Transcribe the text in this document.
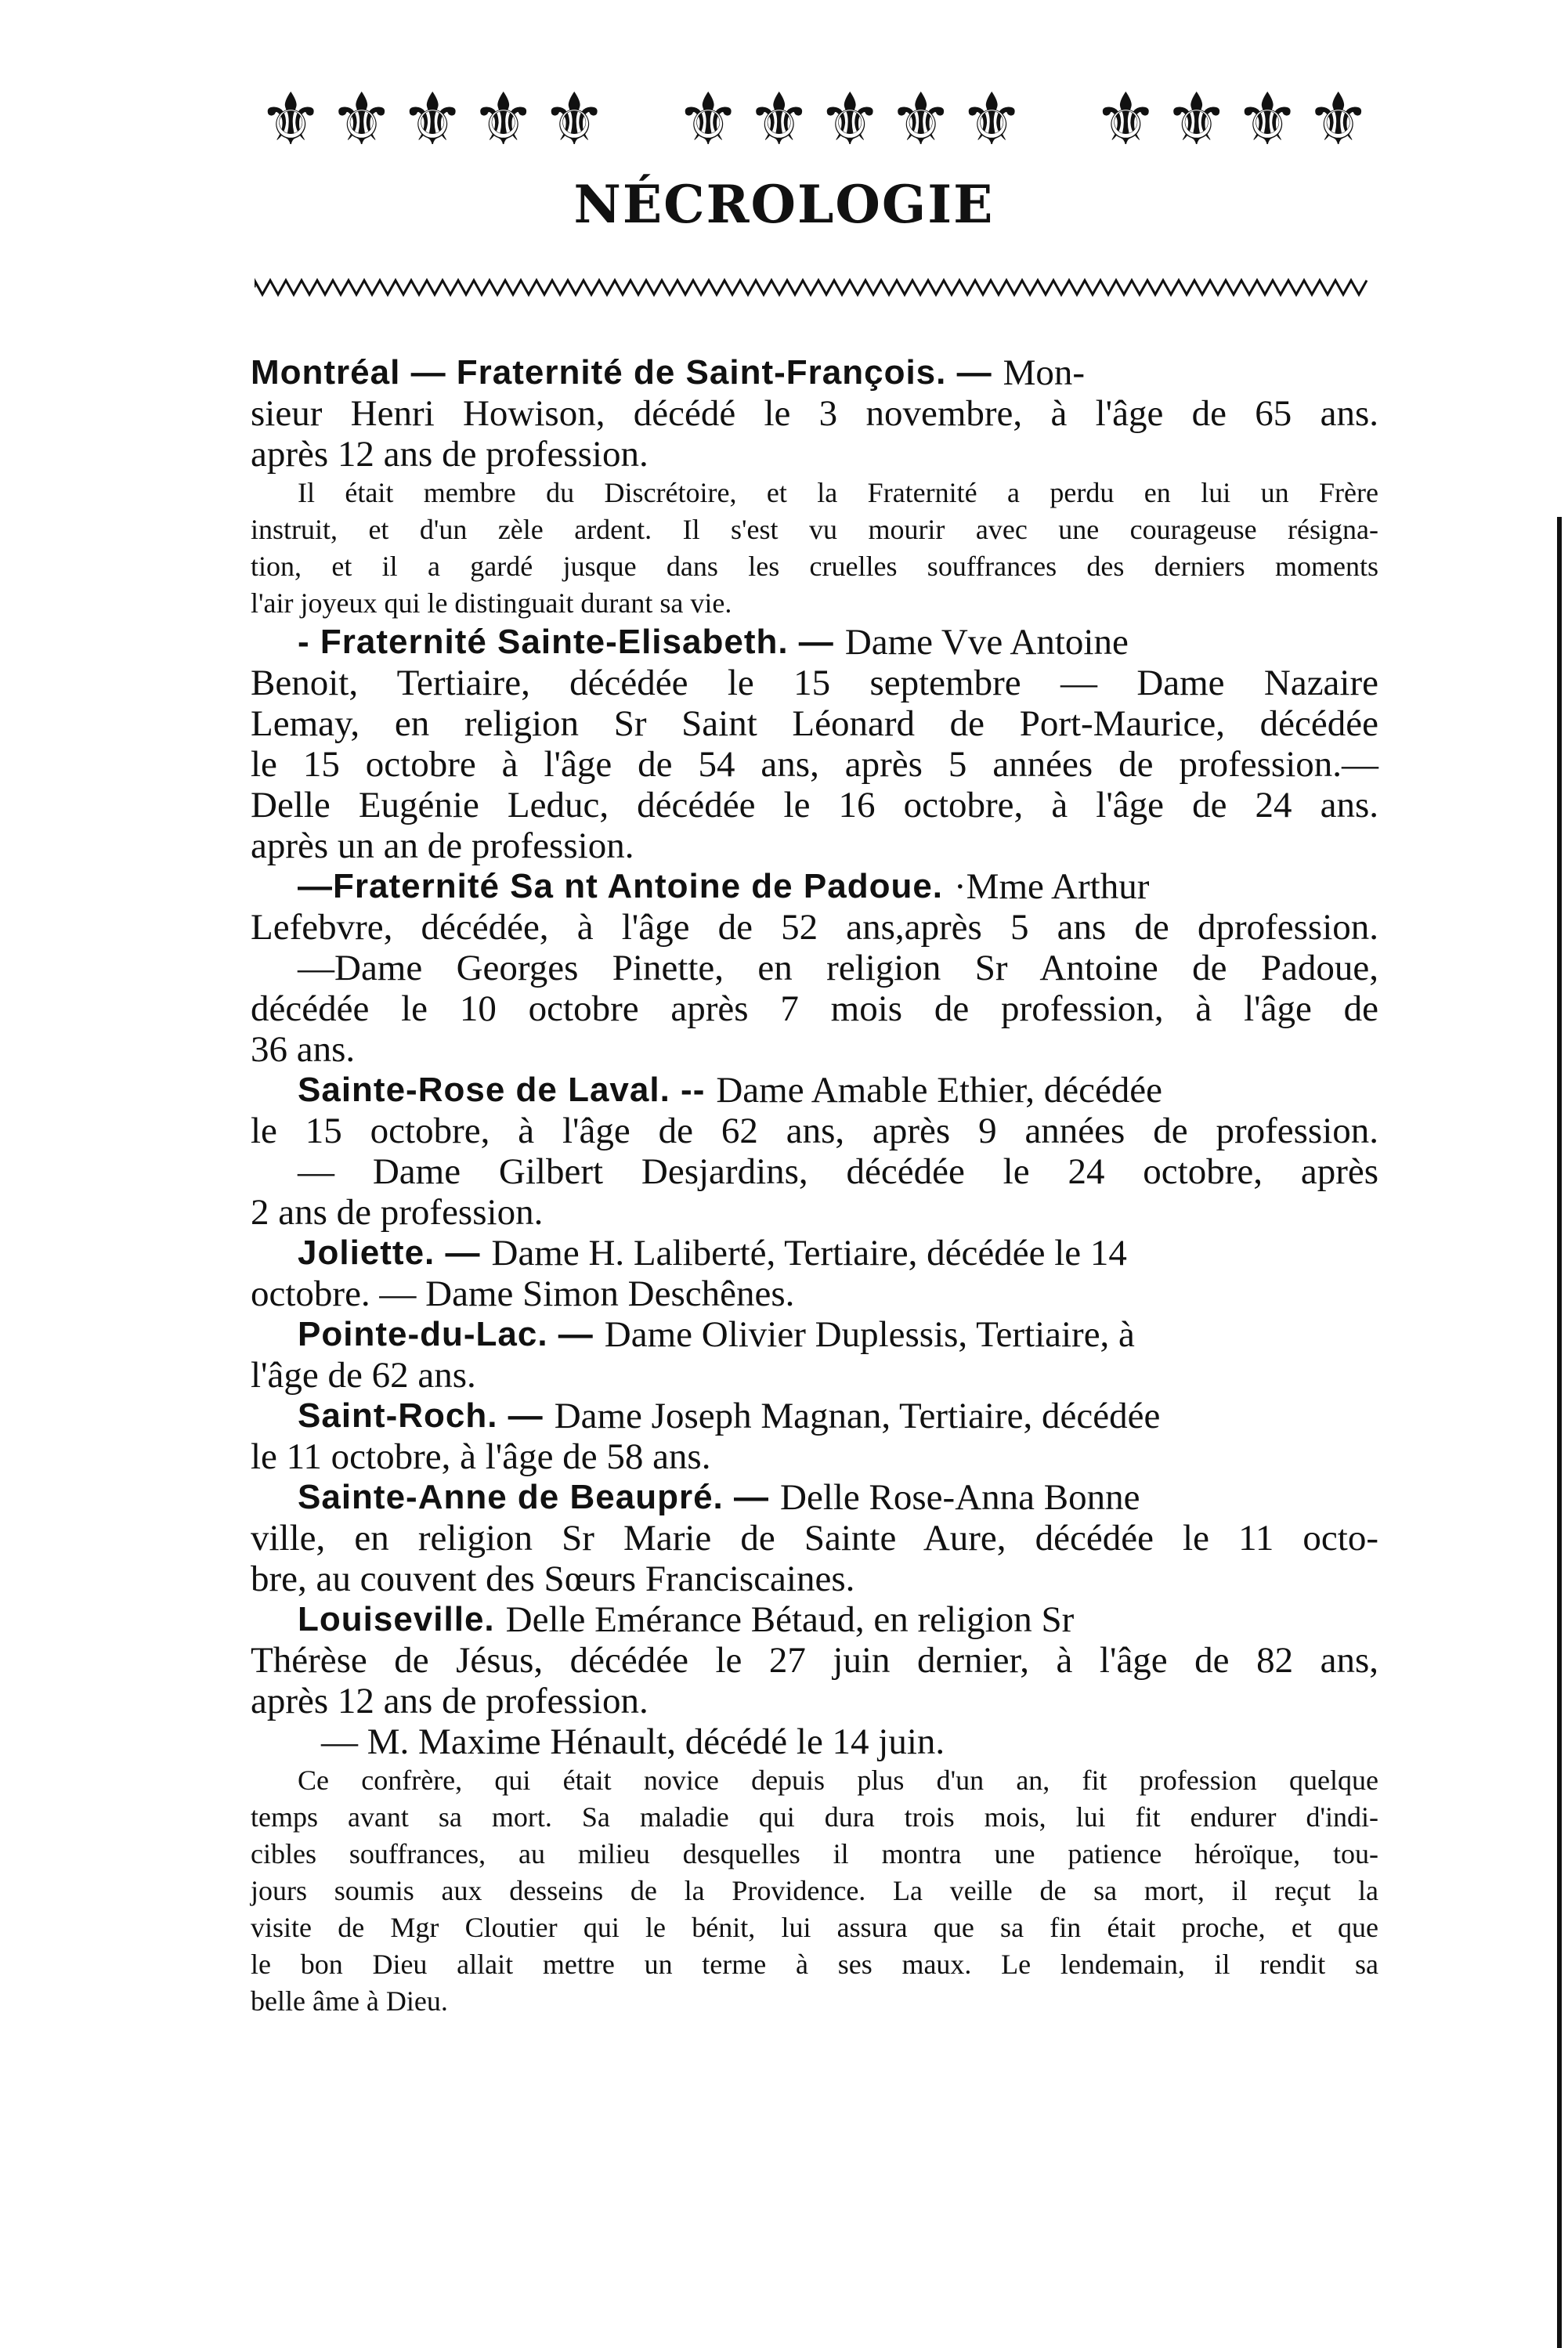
⚜ ⚜ ⚜ ⚜ ⚜ ⚜ ⚜ ⚜ ⚜ ⚜ ⚜ ⚜ ⚜ ⚜
NÉCROLOGIE
Montréal — Fraternité de Saint-François. — Mon-
sieur Henri Howison, décédé le 3 novembre, à l'âge de 65 ans.
après 12 ans de profession.
Il était membre du Discrétoire, et la Fraternité a perdu en lui un Frère
instruit, et d'un zèle ardent. Il s'est vu mourir avec une courageuse résigna-
tion, et il a gardé jusque dans les cruelles souffrances des derniers moments
l'air joyeux qui le distinguait durant sa vie.
- Fraternité Sainte-Elisabeth. — Dame Vve Antoine
Benoit, Tertiaire, décédée le 15 septembre — Dame Nazaire
Lemay, en religion Sr Saint Léonard de Port-Maurice, décédée
le 15 octobre à l'âge de 54 ans, après 5 années de profession.—
Delle Eugénie Leduc, décédée le 16 octobre, à l'âge de 24 ans.
après un an de profession.
—Fraternité Sa nt Antoine de Padoue. ·Mme Arthur
Lefebvre, décédée, à l'âge de 52 ans,après 5 ans de dprofession.
—Dame Georges Pinette, en religion Sr Antoine de Padoue,
décédée le 10 octobre après 7 mois de profession, à l'âge de
36 ans.
Sainte-Rose de Laval. -- Dame Amable Ethier, décédée
le 15 octobre, à l'âge de 62 ans, après 9 années de profession.
— Dame Gilbert Desjardins, décédée le 24 octobre, après
2 ans de profession.
Joliette. — Dame H. Laliberté, Tertiaire, décédée le 14
octobre. — Dame Simon Deschênes.
Pointe-du-Lac. — Dame Olivier Duplessis, Tertiaire, à
l'âge de 62 ans.
Saint-Roch. — Dame Joseph Magnan, Tertiaire, décédée
le 11 octobre, à l'âge de 58 ans.
Sainte-Anne de Beaupré. — Delle Rose-Anna Bonne
ville, en religion Sr Marie de Sainte Aure, décédée le 11 octo-
bre, au couvent des Sœurs Franciscaines.
Louiseville. Delle Emérance Bétaud, en religion Sr
Thérèse de Jésus, décédée le 27 juin dernier, à l'âge de 82 ans,
après 12 ans de profession.
— M. Maxime Hénault, décédé le 14 juin.
Ce confrère, qui était novice depuis plus d'un an, fit profession quelque
temps avant sa mort. Sa maladie qui dura trois mois, lui fit endurer d'indi-
cibles souffrances, au milieu desquelles il montra une patience héroïque, tou-
jours soumis aux desseins de la Providence. La veille de sa mort, il reçut la
visite de Mgr Cloutier qui le bénit, lui assura que sa fin était proche, et que
le bon Dieu allait mettre un terme à ses maux. Le lendemain, il rendit sa
belle âme à Dieu.
